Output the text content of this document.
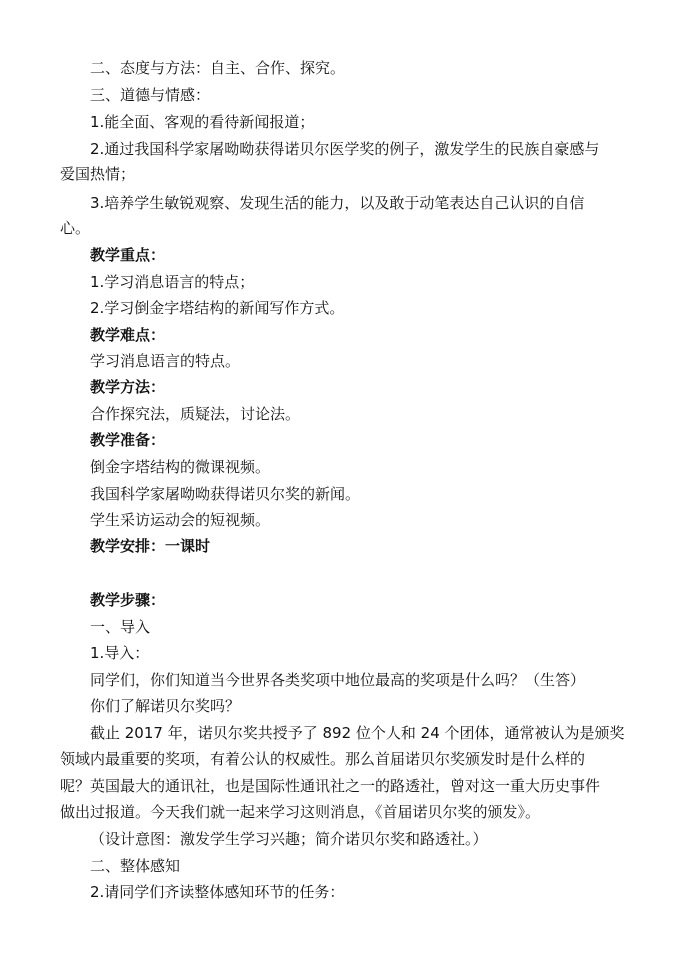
二、态度与方法：自主、合作、探究。
三、道德与情感：
1.能全面、客观的看待新闻报道；
2.通过我国科学家屠呦呦获得诺贝尔医学奖的例子，激发学生的民族自豪感与
爱国热情；
3.培养学生敏锐观察、发现生活的能力，以及敢于动笔表达自己认识的自信
心。
教学重点：
1.学习消息语言的特点；
2.学习倒金字塔结构的新闻写作方式。
教学难点：
学习消息语言的特点。
教学方法：
合作探究法，质疑法，讨论法。
教学准备：
倒金字塔结构的微课视频。
我国科学家屠呦呦获得诺贝尔奖的新闻。
学生采访运动会的短视频。
教学安排：一课时
教学步骤：
一、导入
1.导入：
同学们，你们知道当今世界各类奖项中地位最高的奖项是什么吗？（生答）
你们了解诺贝尔奖吗？
截止 2017 年，诺贝尔奖共授予了 892 位个人和 24 个团体，通常被认为是颁奖
领域内最重要的奖项，有着公认的权威性。那么首届诺贝尔奖颁发时是什么样的
呢？英国最大的通讯社，也是国际性通讯社之一的路透社，曾对这一重大历史事件
做出过报道。今天我们就一起来学习这则消息，《首届诺贝尔奖的颁发》。
（设计意图：激发学生学习兴趣；简介诺贝尔奖和路透社。）
二、整体感知
2.请同学们齐读整体感知环节的任务：
